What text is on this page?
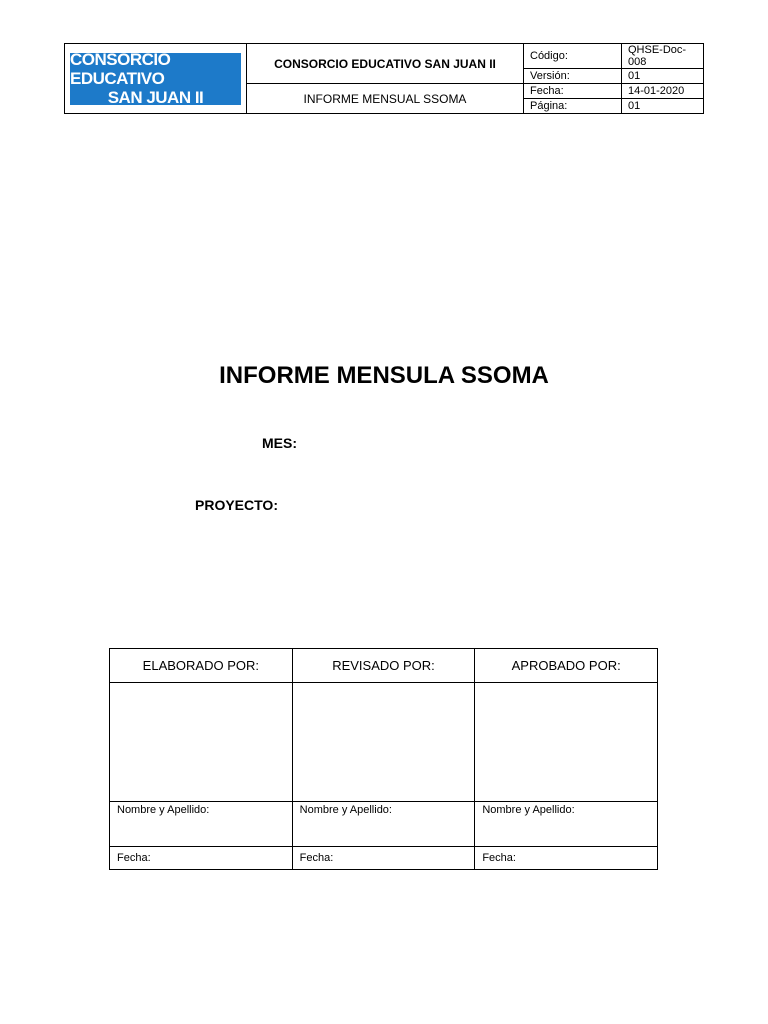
CONSORCIO EDUCATIVO
SAN JUAN II	CONSORCIO EDUCATIVO SAN JUAN II	Código:	QHSE-Doc-008
		Versión:	01
	INFORME MENSUAL SSOMA	Fecha:	14-01-2020
		Página:	01
INFORME MENSULA SSOMA
MES:
PROYECTO:
ELABORADO POR:	REVISADO POR:	APROBADO POR:

Nombre y Apellido:	Nombre y Apellido:	Nombre y Apellido:
Fecha:	Fecha:	Fecha:
